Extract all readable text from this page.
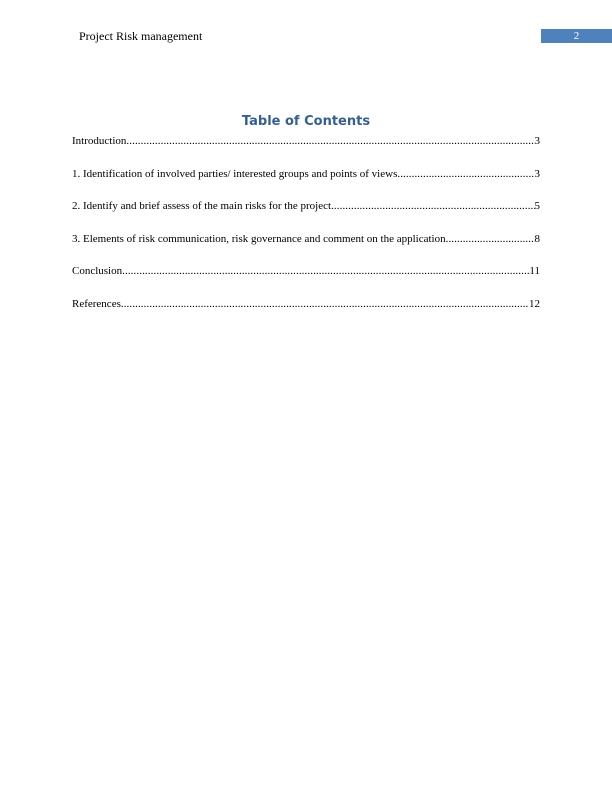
Project Risk management	2
Table of Contents
Introduction .....	3
1. Identification of involved parties/ interested groups and points of views .....	3
2. Identify and brief assess of the main risks for the project .....	5
3. Elements of risk communication, risk governance and comment on the application .....	8
Conclusion .....	11
References .....	12
